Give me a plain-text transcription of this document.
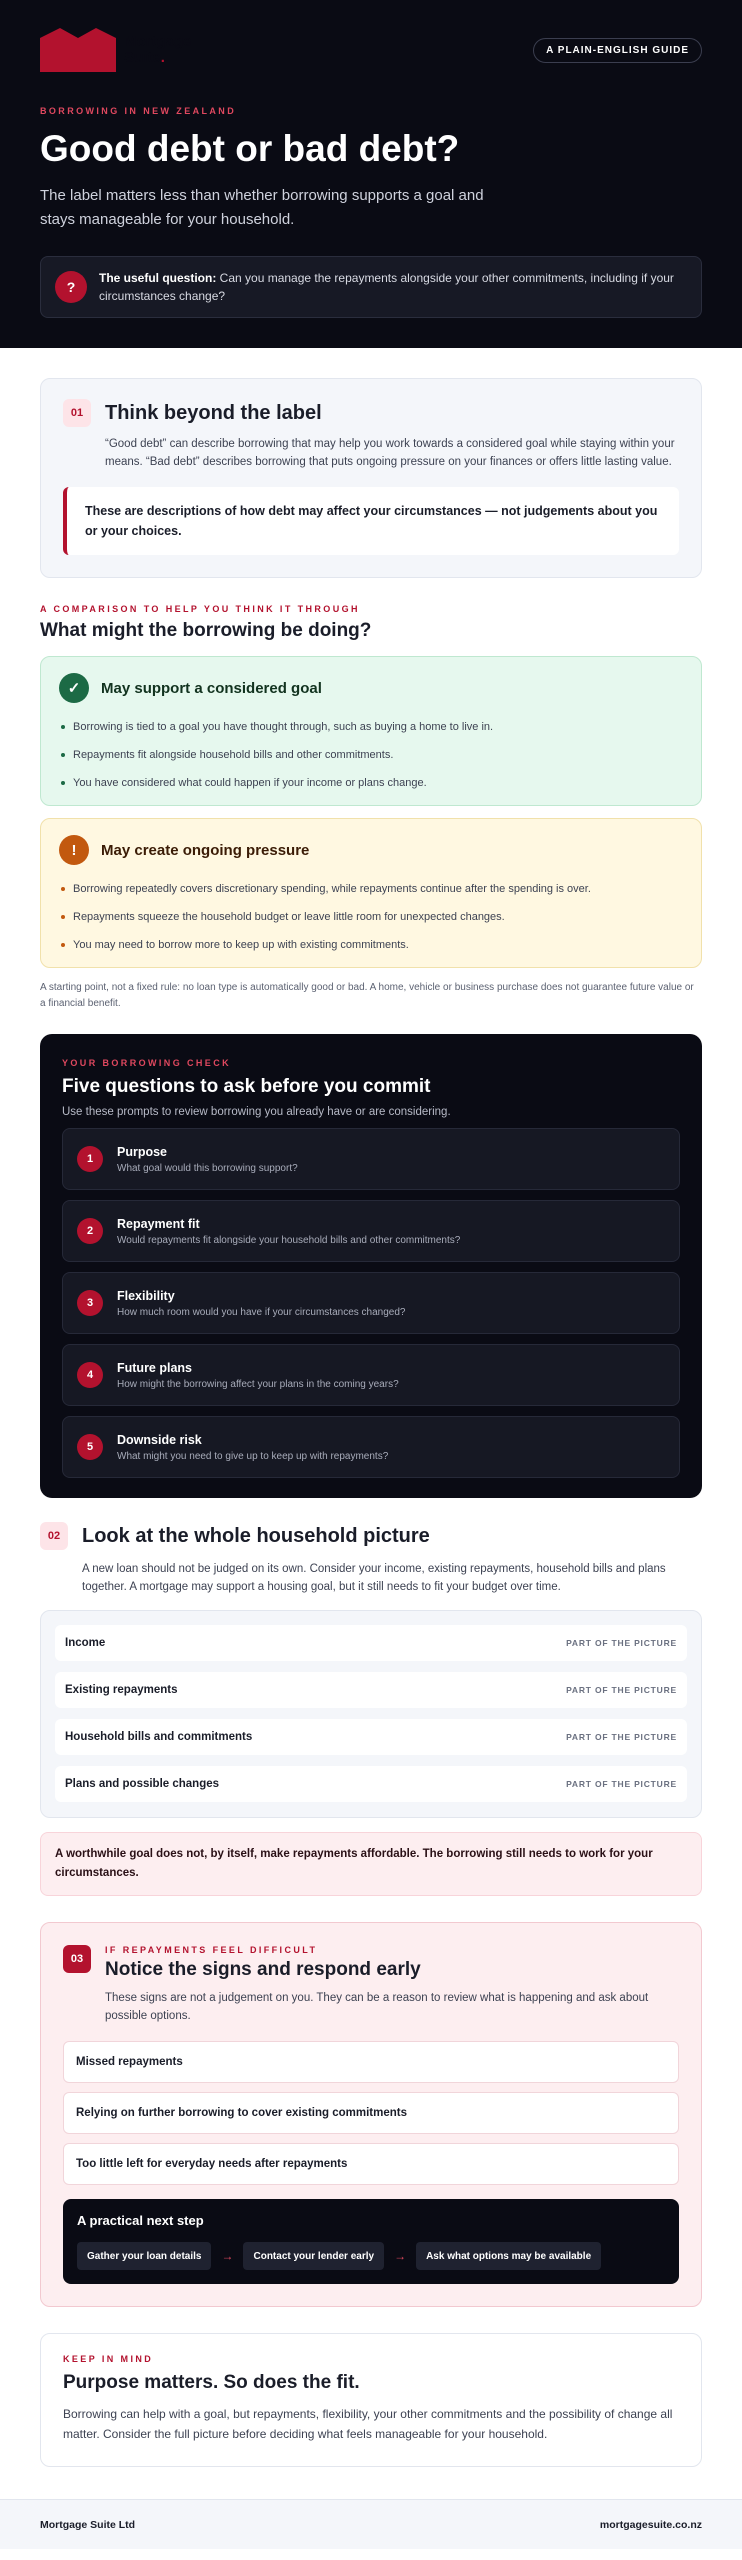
Mortgage
Suite.	A PLAIN-ENGLISH GUIDE
BORROWING IN NEW ZEALAND
Good debt or bad debt?

The label matters less than whether borrowing supports a goal and stays manageable for your household.

?

The useful question: Can you manage the repayments alongside your other commitments, including if your circumstances change?

01	Think beyond the label

“Good debt” can describe borrowing that may help you work towards a considered goal while staying within your means. “Bad debt” describes borrowing that puts ongoing pressure on your finances or offers little lasting value.

These are descriptions of how debt may affect your circumstances — not judgements about you or your choices.
A COMPARISON TO HELP YOU THINK IT THROUGH
What might the borrowing be doing?
✓	May support a considered goal
Borrowing is tied to a goal you have thought through, such as buying a home to live in.
Repayments fit alongside household bills and other commitments.
You have considered what could happen if your income or plans change.
!	May create ongoing pressure
Borrowing repeatedly covers discretionary spending, while repayments continue after the spending is over.
Repayments squeeze the household budget or leave little room for unexpected changes.
You may need to borrow more to keep up with existing commitments.

A starting point, not a fixed rule: no loan type is automatically good or bad. A home, vehicle or business purchase does not guarantee future value or a financial benefit.

YOUR BORROWING CHECK
Five questions to ask before you commit

Use these prompts to review borrowing you already have or are considering.

1
Purpose
What goal would this borrowing support?
2
Repayment fit
Would repayments fit alongside your household bills and other commitments?
3
Flexibility
How much room would you have if your circumstances changed?
4
Future plans
How might the borrowing affect your plans in the coming years?
5
Downside risk
What might you need to give up to keep up with repayments?
02	Look at the whole household picture

A new loan should not be judged on its own. Consider your income, existing repayments, household bills and plans together. A mortgage may support a housing goal, but it still needs to fit your budget over time.

Income	PART OF THE PICTURE
Existing repayments	PART OF THE PICTURE
Household bills and commitments	PART OF THE PICTURE
Plans and possible changes	PART OF THE PICTURE
A worthwhile goal does not, by itself, make repayments affordable. The borrowing still needs to work for your circumstances.
03
IF REPAYMENTS FEEL DIFFICULT
Notice the signs and respond early

These signs are not a judgement on you. They can be a reason to review what is happening and ask about possible options.

Missed repayments
Relying on further borrowing to cover existing commitments
Too little left for everyday needs after repayments
A practical next step
Gather your loan details	→	Contact your lender early	→	Ask what options may be available
KEEP IN MIND
Purpose matters. So does the fit.

Borrowing can help with a goal, but repayments, flexibility, your other commitments and the possibility of change all matter. Consider the full picture before deciding what feels manageable for your household.

Mortgage Suite Ltd	mortgagesuite.co.nz
